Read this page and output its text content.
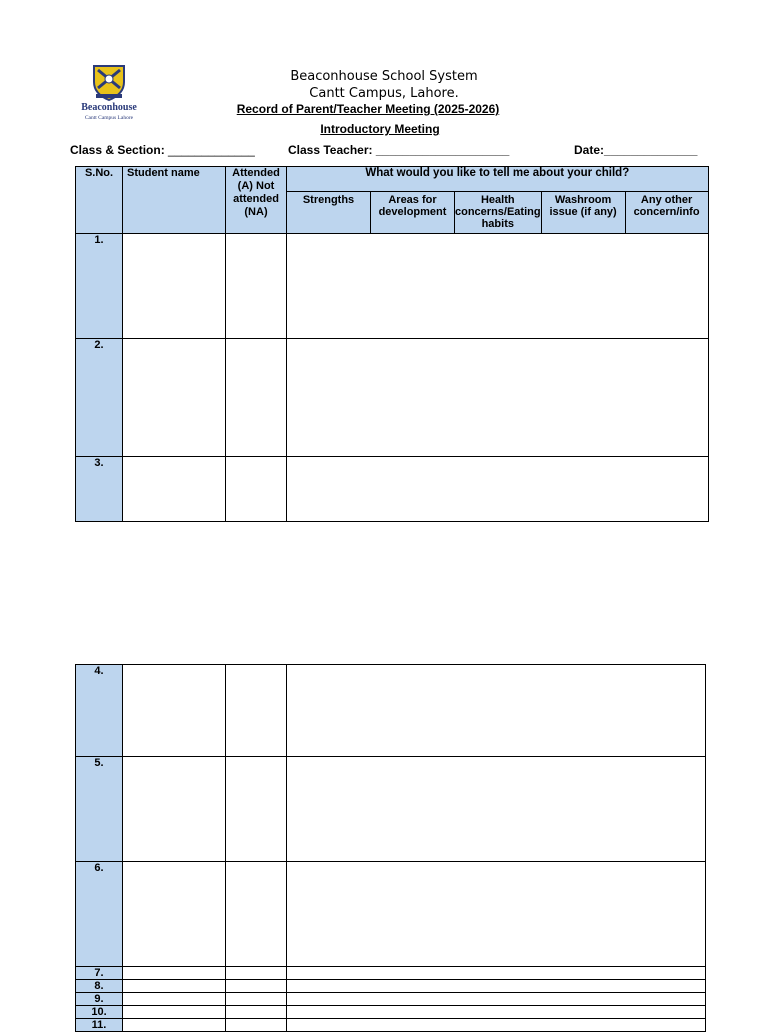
Beaconhouse
Cantt Campus Lahore
Beaconhouse School System
Cantt Campus, Lahore.
Record of Parent/Teacher Meeting (2025-2026)
Introductory Meeting
Class & Section: _____________	Class Teacher: ____________________	Date:______________
S.No.	Student name	Attended (A) Not attended (NA)	What would you like to tell me about your child?				
			Strengths	Areas for development	Health concerns/Eating habits	Washroom issue (if any)	Any other concern/info
1.							
2.							
3.							
4.			
5.			
6.			
7.			
8.			
9.			
10.			
11.			
